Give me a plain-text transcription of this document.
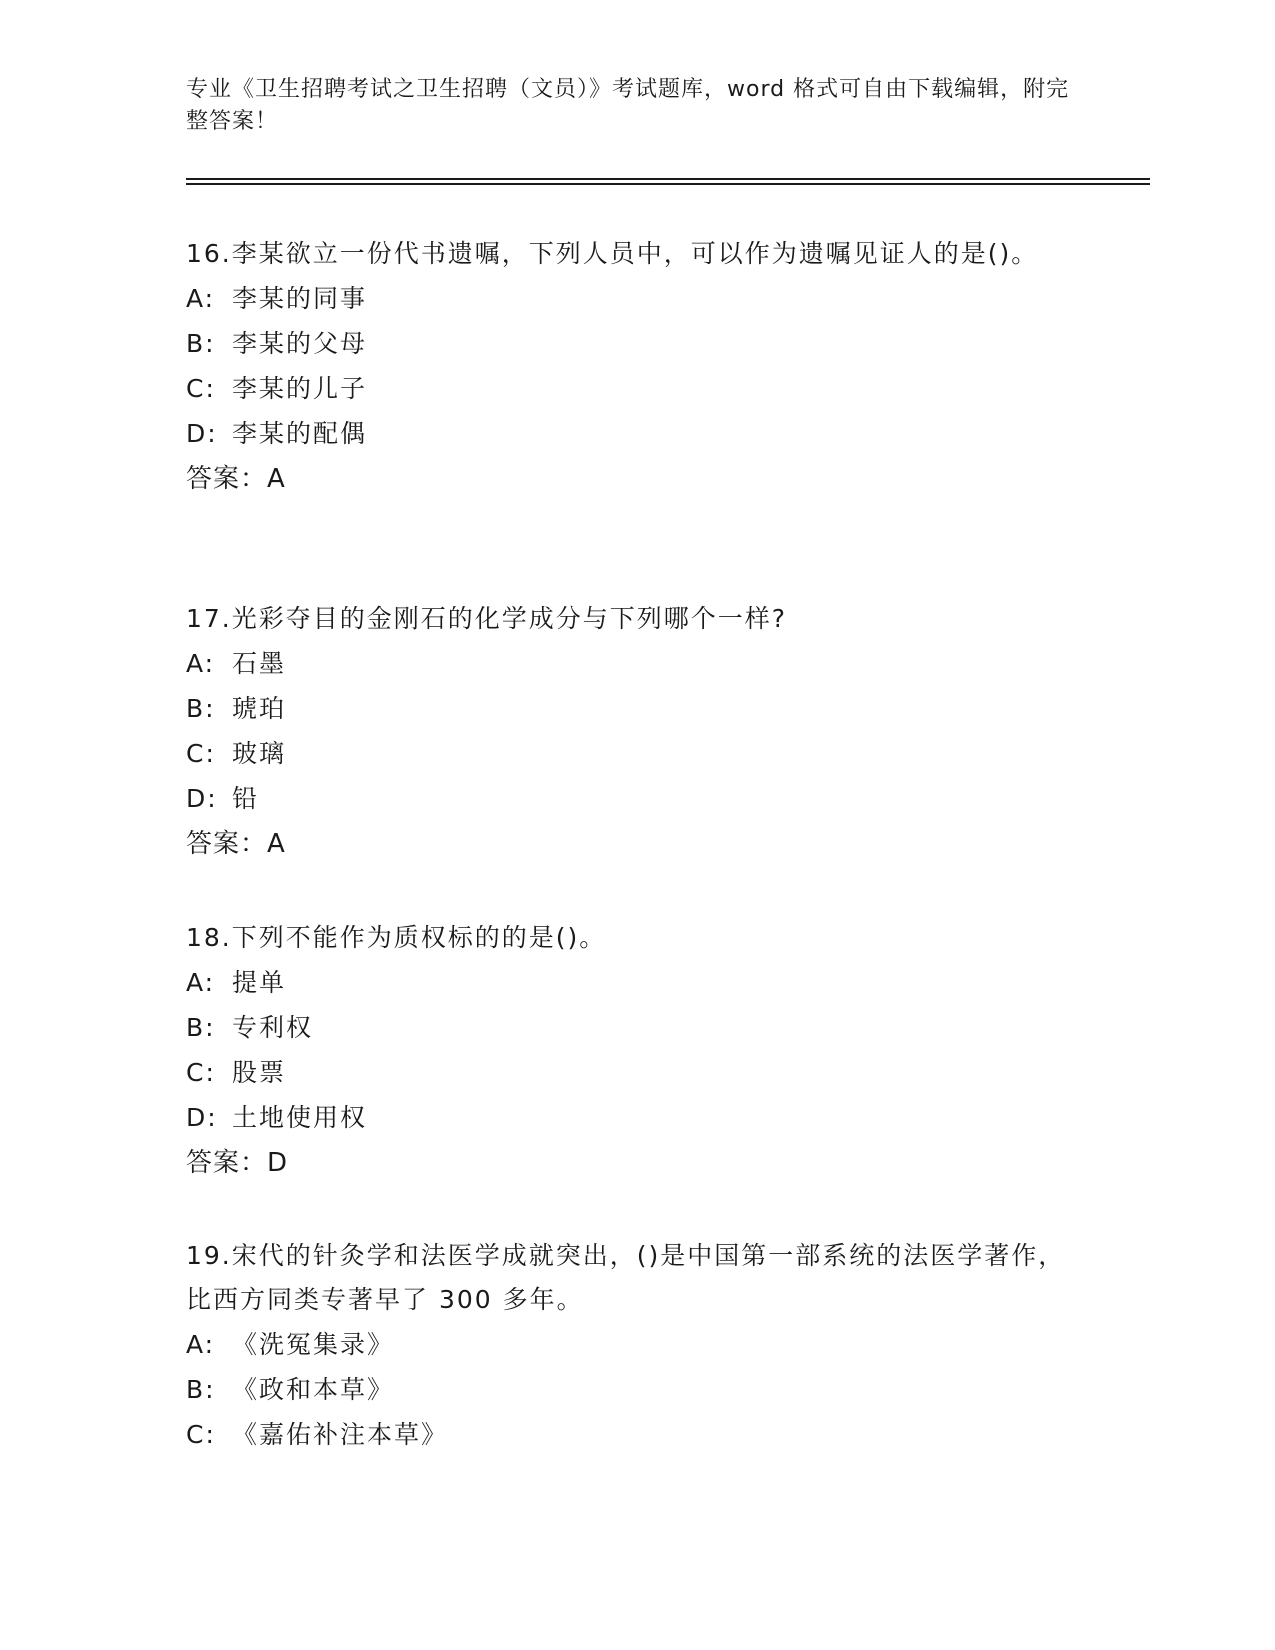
专业《卫生招聘考试之卫生招聘（文员）》考试题库，word 格式可自由下载编辑，附完整答案！
16.李某欲立一份代书遗嘱，下列人员中，可以作为遗嘱见证人的是()。
A: 李某的同事
B: 李某的父母
C: 李某的儿子
D: 李某的配偶
答案：A
17.光彩夺目的金刚石的化学成分与下列哪个一样?
A: 石墨
B: 琥珀
C: 玻璃
D: 铅
答案：A
18.下列不能作为质权标的的是()。
A: 提单
B: 专利权
C: 股票
D: 土地使用权
答案：D
19.宋代的针灸学和法医学成就突出，()是中国第一部系统的法医学著作，比西方同类专著早了 300 多年。
A: 《洗冤集录》
B: 《政和本草》
C: 《嘉佑补注本草》
